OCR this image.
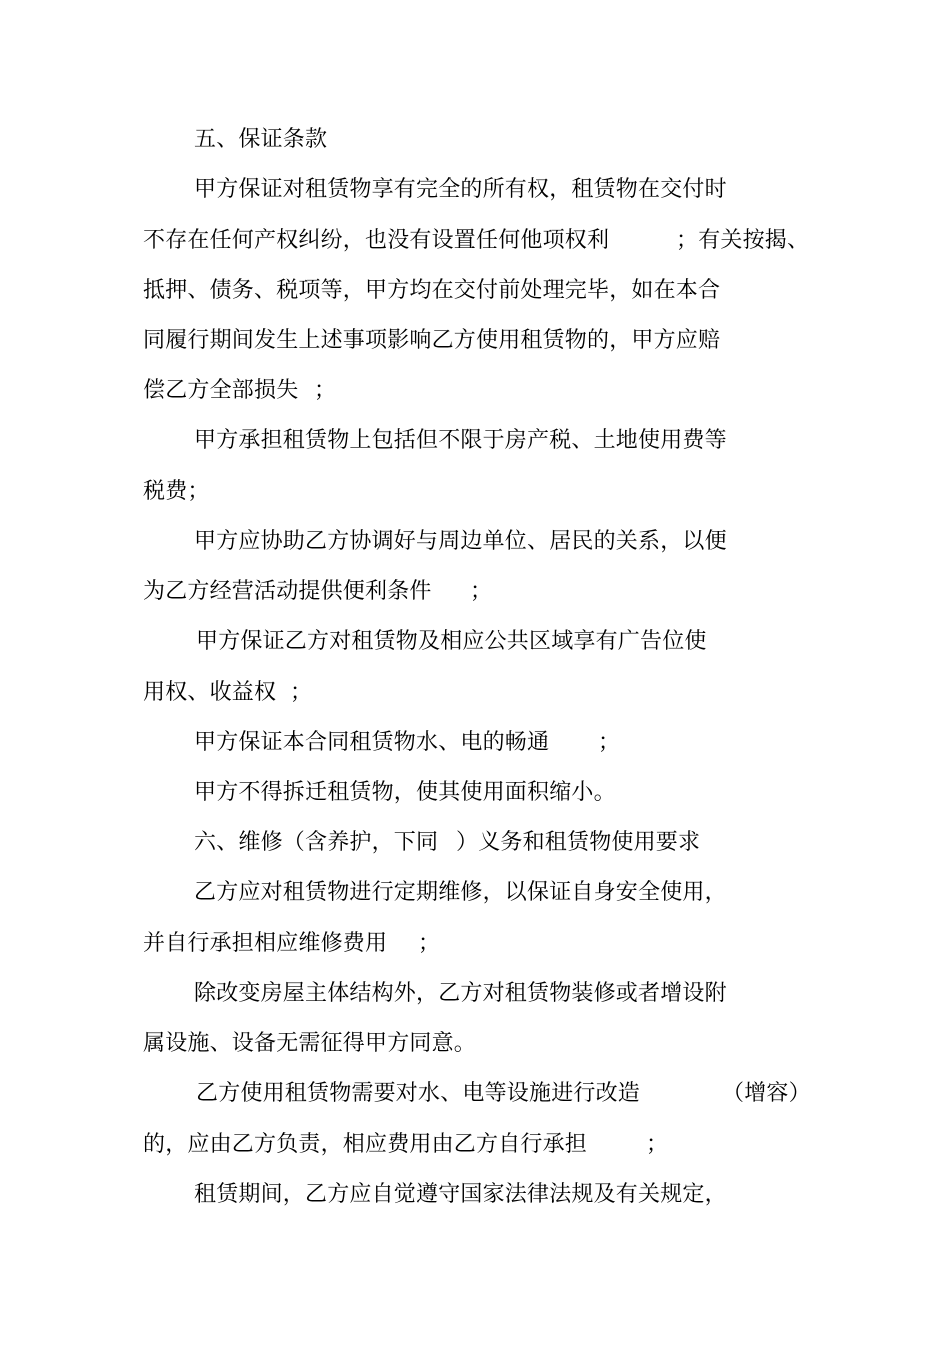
五、保证条款
甲方保证对租赁物享有完全的所有权，租赁物在交付时
不存在任何产权纠纷，也没有设置任何他项权利	；有关按揭、
抵押、债务、税项等，甲方均在交付前处理完毕，如在本合
同履行期间发生上述事项影响乙方使用租赁物的，甲方应赔
偿乙方全部损失 ；
甲方承担租赁物上包括但不限于房产税、土地使用费等
税费；
甲方应协助乙方协调好与周边单位、居民的关系，以便
为乙方经营活动提供便利条件 ；
甲方保证乙方对租赁物及相应公共区域享有广告位使
用权、收益权 ；
甲方保证本合同租赁物水、电的畅通 ；
甲方不得拆迁租赁物，使其使用面积缩小。
六、维修（含养护，下同 ）义务和租赁物使用要求
乙方应对租赁物进行定期维修，以保证自身安全使用，
并自行承担相应维修费用 ；
除改变房屋主体结构外，乙方对租赁物装修或者增设附
属设施、设备无需征得甲方同意。
乙方使用租赁物需要对水、电等设施进行改造	（增容）
的，应由乙方负责，相应费用由乙方自行承担	；
租赁期间，乙方应自觉遵守国家法律法规及有关规定，
